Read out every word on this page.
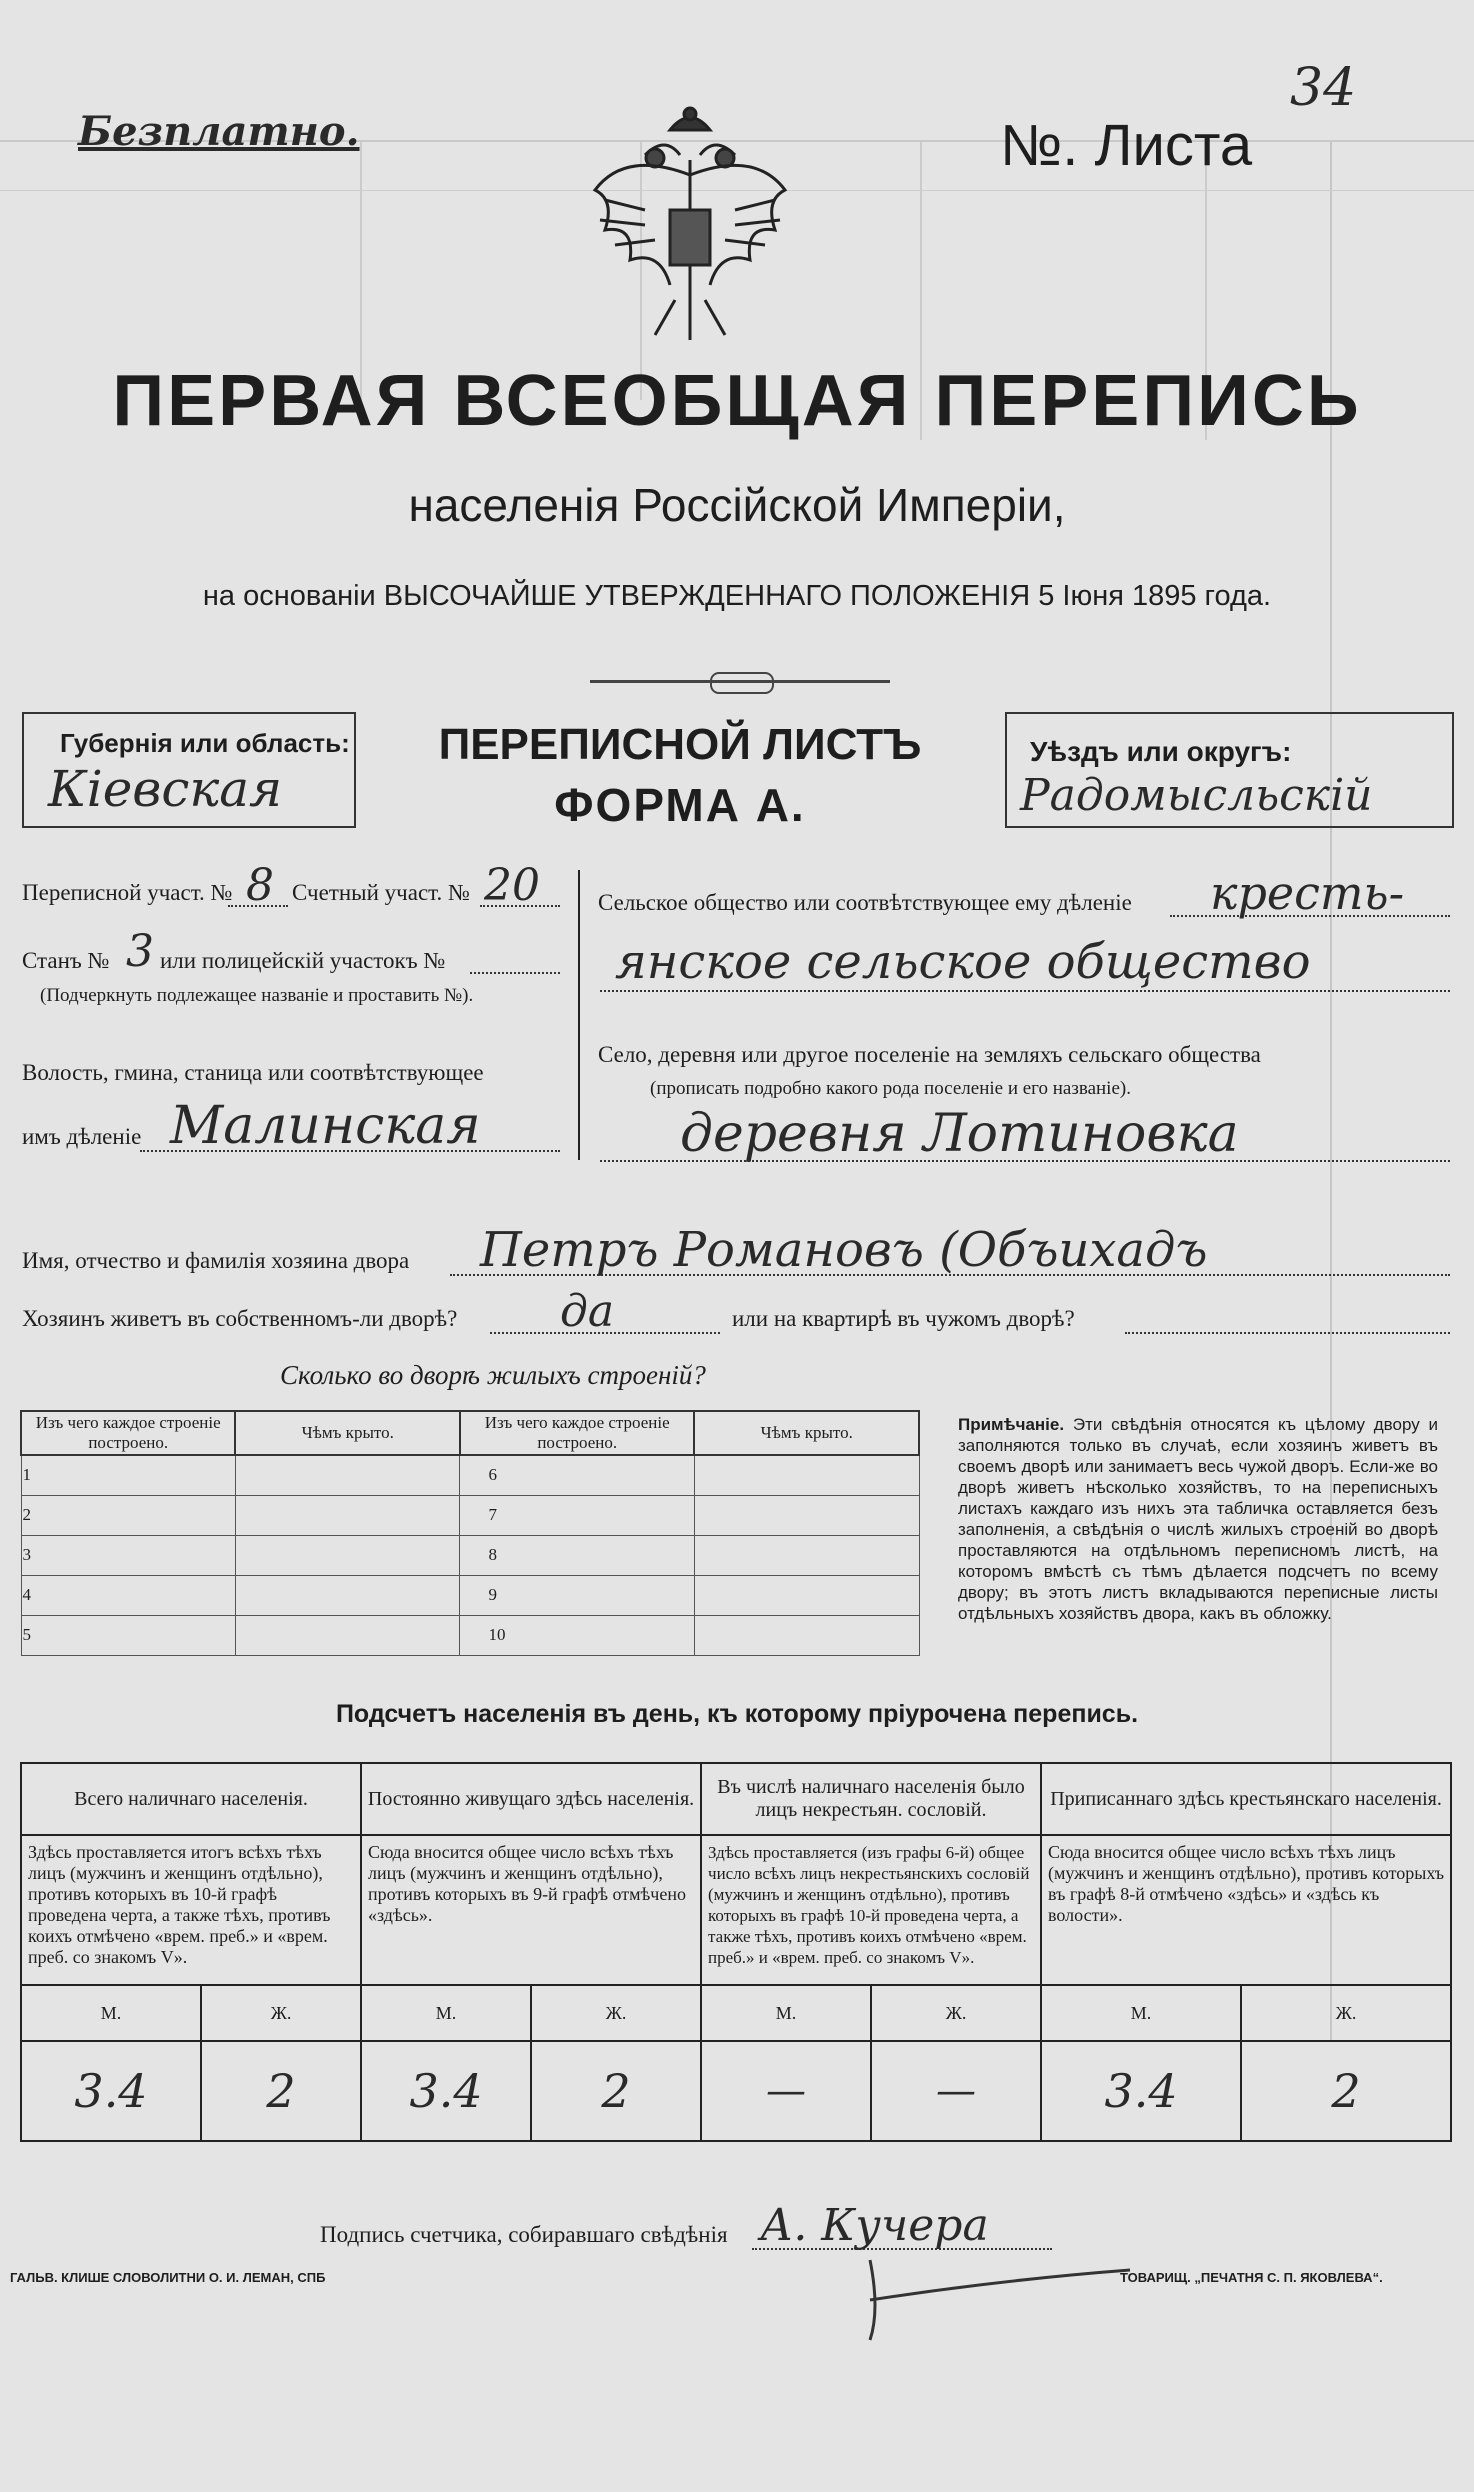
Безплатно.	№. Листа
34
ПЕРВАЯ ВСЕОБЩАЯ ПЕРЕПИСЬ
населенія Россійской Имперіи,
на основаніи ВЫСОЧАЙШЕ УТВЕРЖДЕННАГО ПОЛОЖЕНІЯ 5 Іюня 1895 года.
Губернія или область:
Кіевская
ПЕРЕПИСНОЙ ЛИСТЪ
ФОРМА А.
Уѣздъ или округъ:
Радомысльскій
Переписной участ. № 8 Счетный участ. № 20
Станъ № 3 или полицейскій участокъ №
(Подчеркнуть подлежащее названіе и проставить №).
Волость, гмина, станица или соотвѣтствующее
имъ дѣленіе Малинская
Сельское общество или соотвѣтствующее ему дѣленіе кресть-
янское сельское общество
Село, деревня или другое поселеніе на земляхъ сельскаго общества
(прописать подробно какого рода поселеніе и его названіе).
деревня Лотиновка
Имя, отчество и фамилія хозяина двора Петръ Романовъ (Объихадъ
Хозяинъ живетъ въ собственномъ-ли дворѣ? да	или на квартирѣ въ чужомъ дворѣ?
Сколько во дворѣ жилыхъ строеній?
Изъ чего каждое строеніе построено.	Чѣмъ крыто.	Изъ чего каждое строеніе построено.	Чѣмъ крыто.
1		6	
2		7	
3		8	
4		9	
5		10	
Примѣчаніе. Эти свѣдѣнія относятся къ цѣлому двору и заполняются только въ случаѣ, если хозяинъ живетъ въ своемъ дворѣ или занимаетъ весь чужой дворъ. Если-же во дворѣ живетъ нѣсколько хозяйствъ, то на переписныхъ листахъ каждаго изъ нихъ эта табличка оставляется безъ заполненія, а свѣдѣнія о числѣ жилыхъ строеній во дворѣ проставляются на отдѣльномъ переписномъ листѣ, на которомъ вмѣстѣ съ тѣмъ дѣлается подсчетъ по всему двору; въ этотъ листъ вкладываются переписные листы отдѣльныхъ хозяйствъ двора, какъ въ обложку.
Подсчетъ населенія въ день, къ которому пріурочена перепись.
Всего наличнаго населенія.		Постоянно живущаго здѣсь населенія.		Въ числѣ наличнаго населенія было лицъ некрестьян. сословій.		Приписаннаго здѣсь крестьянскаго населенія.	
Здѣсь проставляется итогъ всѣхъ тѣхъ лицъ (мужчинъ и женщинъ отдѣльно), противъ которыхъ въ 10-й графѣ проведена черта, а также тѣхъ, противъ коихъ отмѣчено «врем. преб.» и «врем. преб. со знакомъ V».		Сюда вносится общее число всѣхъ тѣхъ лицъ (мужчинъ и женщинъ отдѣльно), противъ которыхъ въ 9-й графѣ отмѣчено «здѣсь».		Здѣсь проставляется (изъ графы 6-й) общее число всѣхъ лицъ некрестьянскихъ сословій (мужчинъ и женщинъ отдѣльно), противъ которыхъ въ графѣ 10-й проведена черта, а также тѣхъ, противъ коихъ отмѣчено «врем. преб.» и «врем. преб. со знакомъ V».		Сюда вносится общее число всѣхъ тѣхъ лицъ (мужчинъ и женщинъ отдѣльно), противъ которыхъ въ графѣ 8-й отмѣчено «здѣсь» и «здѣсь къ волости».	
М.	Ж.	М.	Ж.	М.	Ж.	М.	Ж.
3.4	2	3.4	2	—	—	3.4	2
Подпись счетчика, собиравшаго свѣдѣнія А. Кучера
ГАЛЬВ. КЛИШЕ СЛОВОЛИТНИ О. И. ЛЕМАН, СПБ	ТОВАРИЩ. „ПЕЧАТНЯ С. П. ЯКОВЛЕВА“.
